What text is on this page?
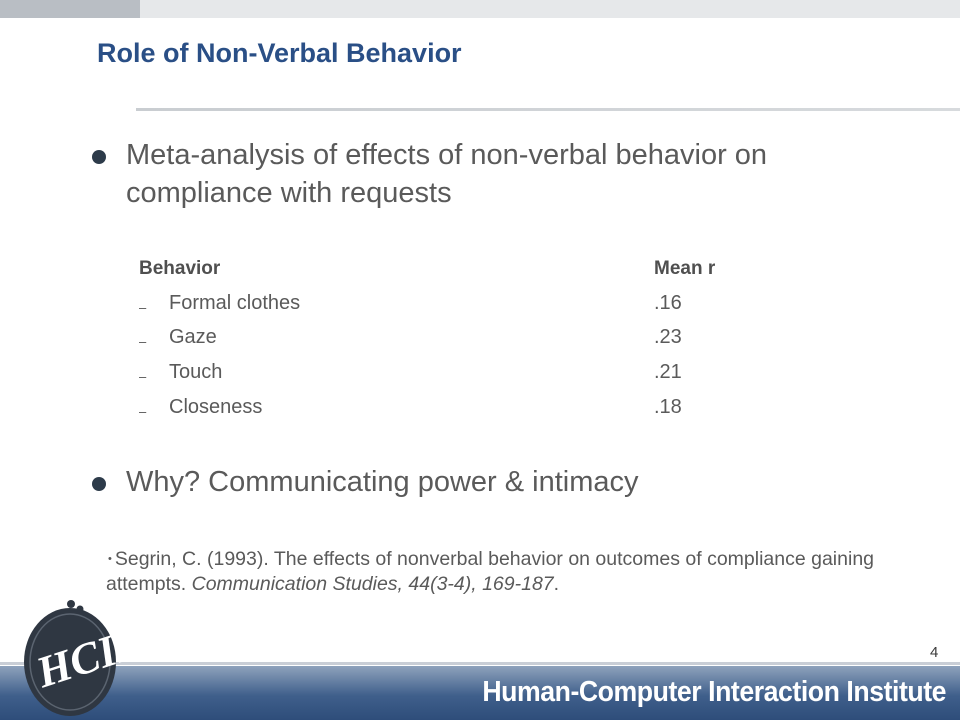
Role of Non-Verbal Behavior
Meta-analysis of effects of non-verbal behavior on compliance with requests
Behavior	Mean r
– Formal clothes	.16
– Gaze	.23
– Touch	.21
– Closeness	.18
Why? Communicating power & intimacy
• Segrin, C. (1993). The effects of nonverbal behavior on outcomes of compliance gaining attempts. Communication Studies, 44(3-4), 169-187.
4
Human-Computer Interaction Institute
HCII
